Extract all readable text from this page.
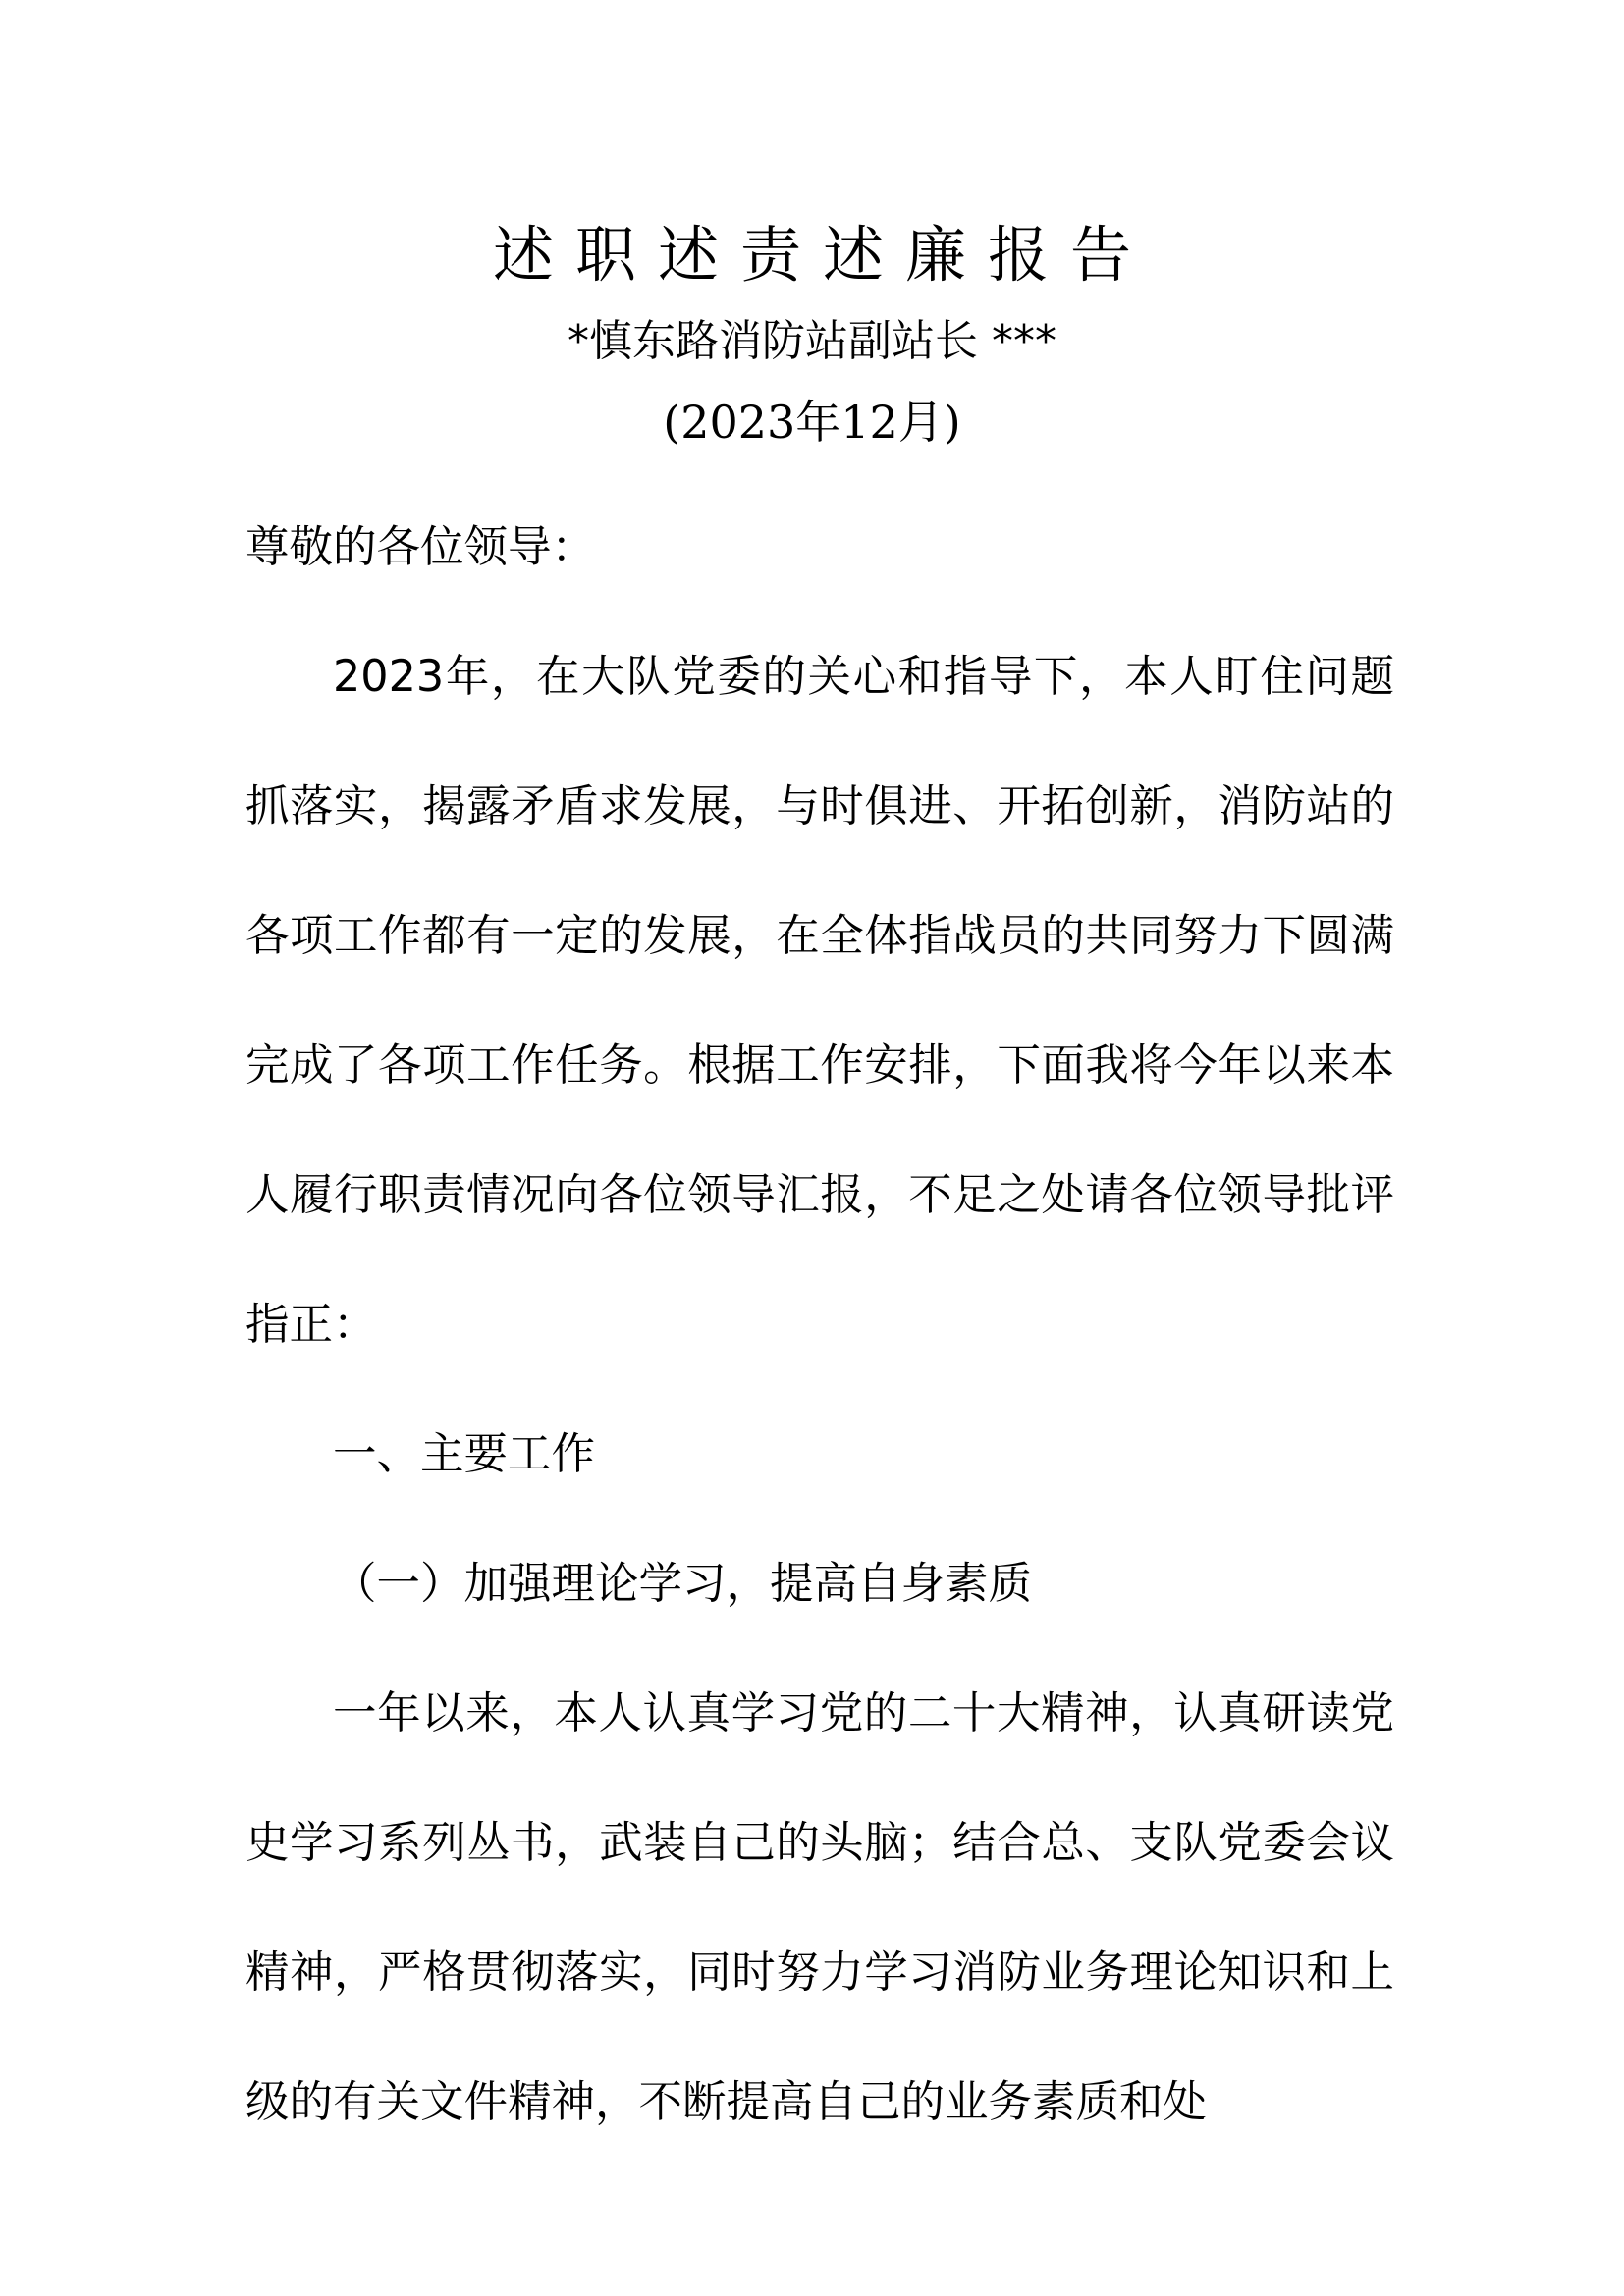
述职述责述廉报告
*慎东路消防站副站长 ***
(2023年12月)

尊敬的各位领导：

2023年，在大队党委的关心和指导下，本人盯住问题抓落实，揭露矛盾求发展，与时俱进、开拓创新，消防站的各项工作都有一定的发展，在全体指战员的共同努力下圆满完成了各项工作任务。根据工作安排，下面我将今年以来本人履行职责情况向各位领导汇报，不足之处请各位领导批评指正：

一、主要工作

（一）加强理论学习，提高自身素质

一年以来，本人认真学习党的二十大精神，认真研读党史学习系列丛书，武装自己的头脑；结合总、支队党委会议精神，严格贯彻落实，同时努力学习消防业务理论知识和上级的有关文件精神，不断提高自己的业务素质和处
